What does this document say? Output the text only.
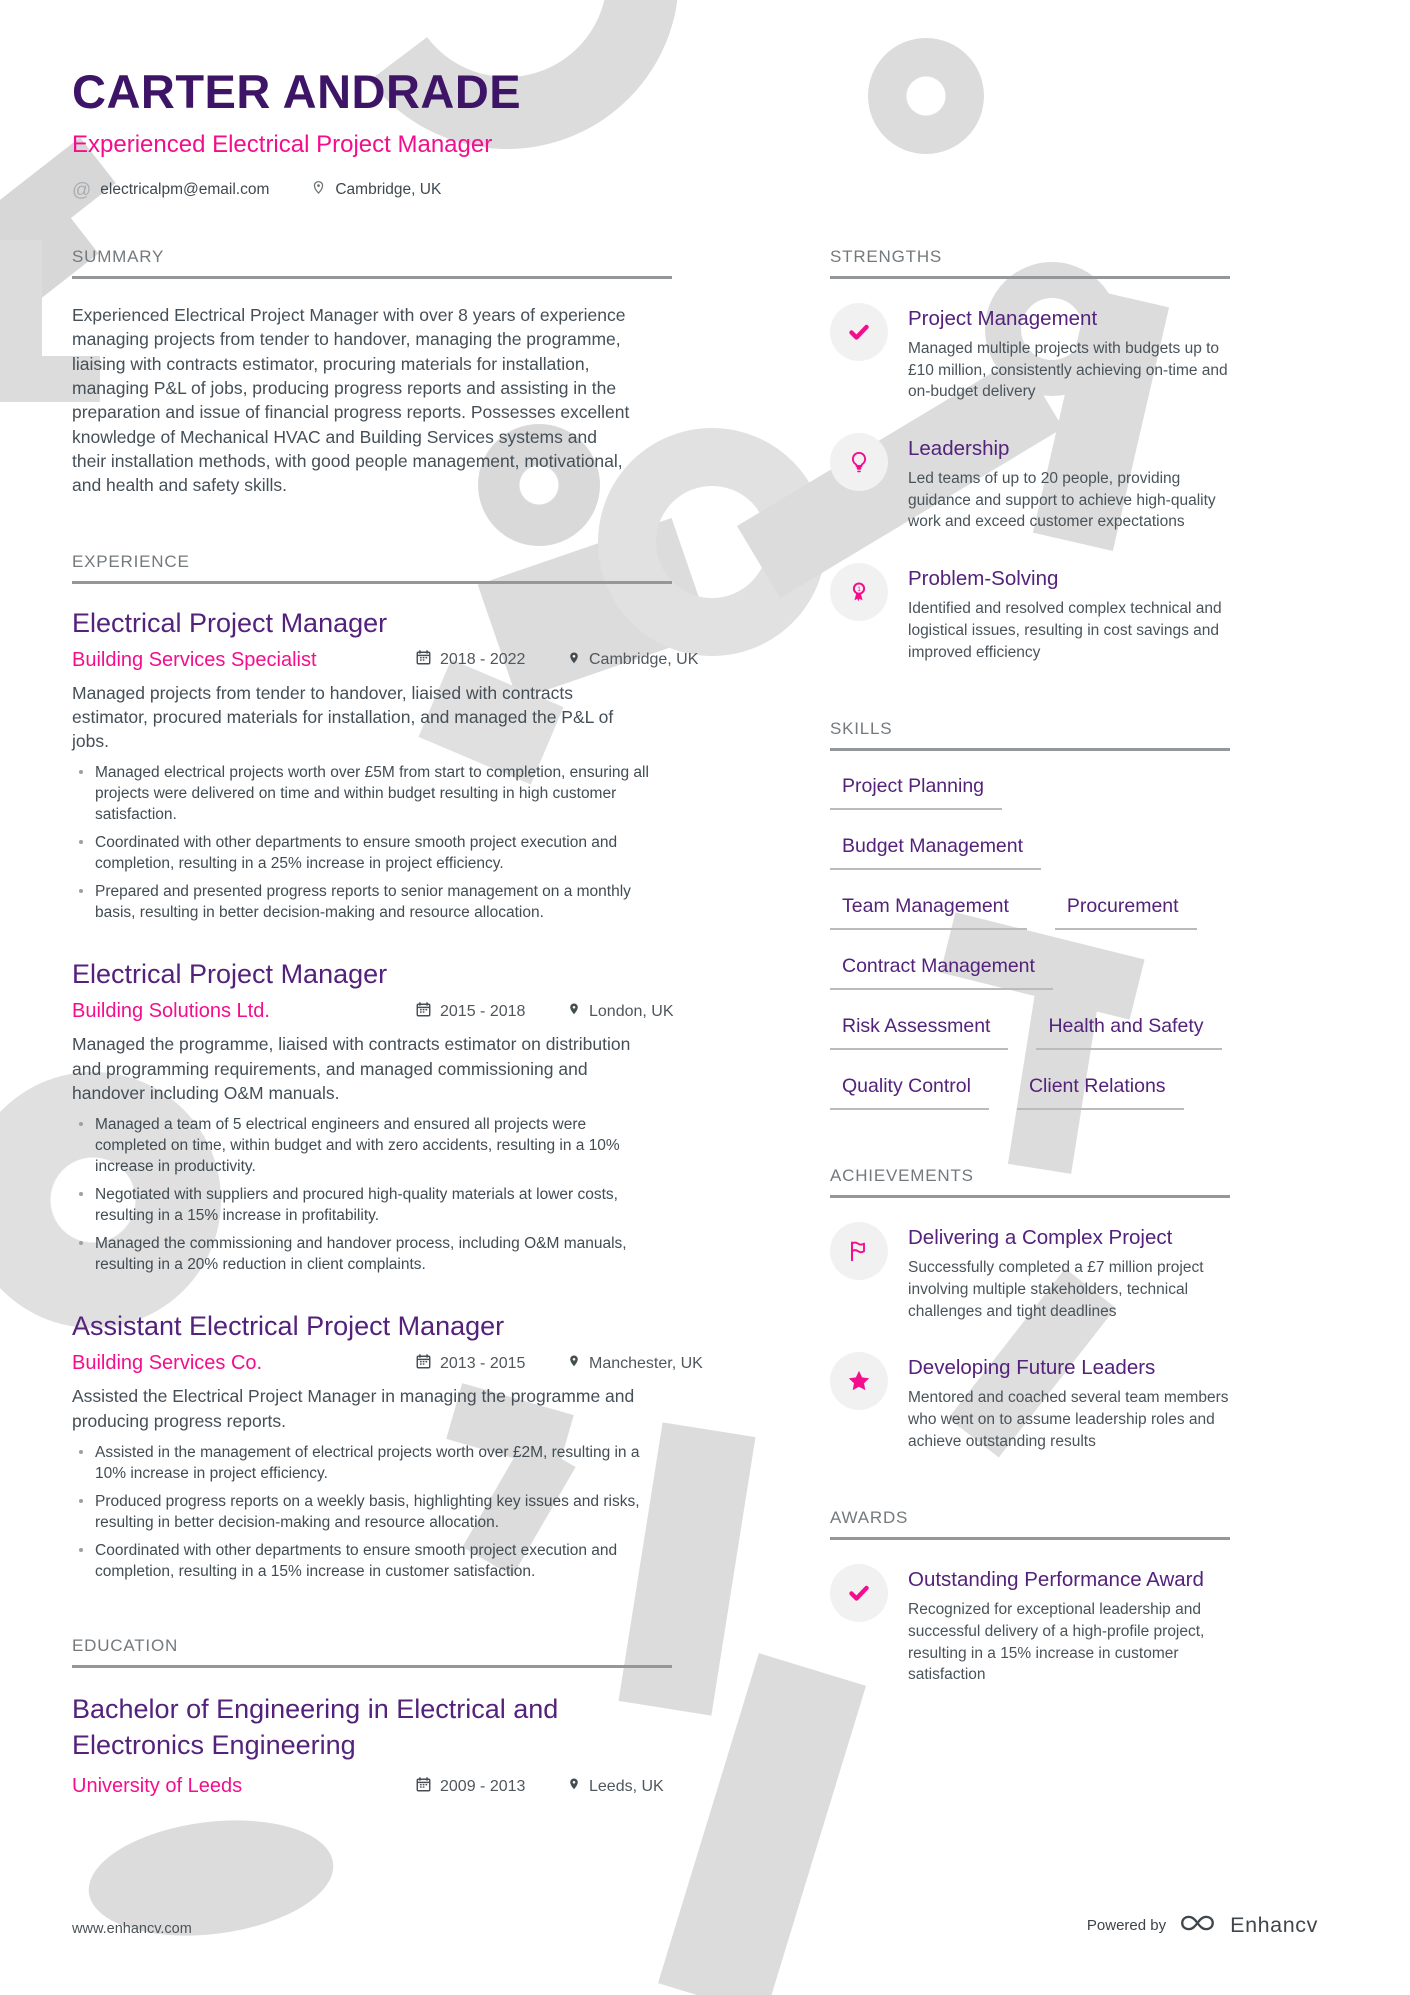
CARTER ANDRADE
Experienced Electrical Project Manager
@ electricalpm@email.com	Cambridge, UK
SUMMARY

Experienced Electrical Project Manager with over 8 years of experience managing projects from tender to handover, managing the programme, liaising with contracts estimator, procuring materials for installation, managing P&L of jobs, producing progress reports and assisting in the preparation and issue of financial progress reports. Possesses excellent knowledge of Mechanical HVAC and Building Services systems and their installation methods, with good people management, motivational, and health and safety skills.

EXPERIENCE
Electrical Project Manager
Building Services Specialist	2018 - 2022	Cambridge, UK

Managed projects from tender to handover, liaised with contracts estimator, procured materials for installation, and managed the P&L of jobs.

Managed electrical projects worth over £5M from start to completion, ensuring all projects were delivered on time and within budget resulting in high customer satisfaction.
Coordinated with other departments to ensure smooth project execution and completion, resulting in a 25% increase in project efficiency.
Prepared and presented progress reports to senior management on a monthly basis, resulting in better decision-making and resource allocation.
Electrical Project Manager
Building Solutions Ltd.	2015 - 2018	London, UK

Managed the programme, liaised with contracts estimator on distribution and programming requirements, and managed commissioning and handover including O&M manuals.

Managed a team of 5 electrical engineers and ensured all projects were completed on time, within budget and with zero accidents, resulting in a 10% increase in productivity.
Negotiated with suppliers and procured high-quality materials at lower costs, resulting in a 15% increase in profitability.
Managed the commissioning and handover process, including O&M manuals, resulting in a 20% reduction in client complaints.
Assistant Electrical Project Manager
Building Services Co.	2013 - 2015	Manchester, UK

Assisted the Electrical Project Manager in managing the programme and producing progress reports.

Assisted in the management of electrical projects worth over £2M, resulting in a 10% increase in project efficiency.
Produced progress reports on a weekly basis, highlighting key issues and risks, resulting in better decision-making and resource allocation.
Coordinated with other departments to ensure smooth project execution and completion, resulting in a 15% increase in customer satisfaction.
EDUCATION
Bachelor of Engineering in Electrical and Electronics Engineering
University of Leeds	2009 - 2013	Leeds, UK
STRENGTHS
Project Management

Managed multiple projects with budgets up to £10 million, consistently achieving on-time and on-budget delivery

Leadership

Led teams of up to 20 people, providing guidance and support to achieve high-quality work and exceed customer expectations

1 Problem-Solving

Identified and resolved complex technical and logistical issues, resulting in cost savings and improved efficiency

SKILLS
Project Planning
Budget Management
Team Management	Procurement
Contract Management
Risk Assessment	Health and Safety
Quality Control	Client Relations
ACHIEVEMENTS
Delivering a Complex Project

Successfully completed a £7 million project involving multiple stakeholders, technical challenges and tight deadlines

Developing Future Leaders

Mentored and coached several team members who went on to assume leadership roles and achieve outstanding results

AWARDS
Outstanding Performance Award

Recognized for exceptional leadership and successful delivery of a high-profile project, resulting in a 15% increase in customer satisfaction

www.enhancv.com	Powered by	Enhancv
